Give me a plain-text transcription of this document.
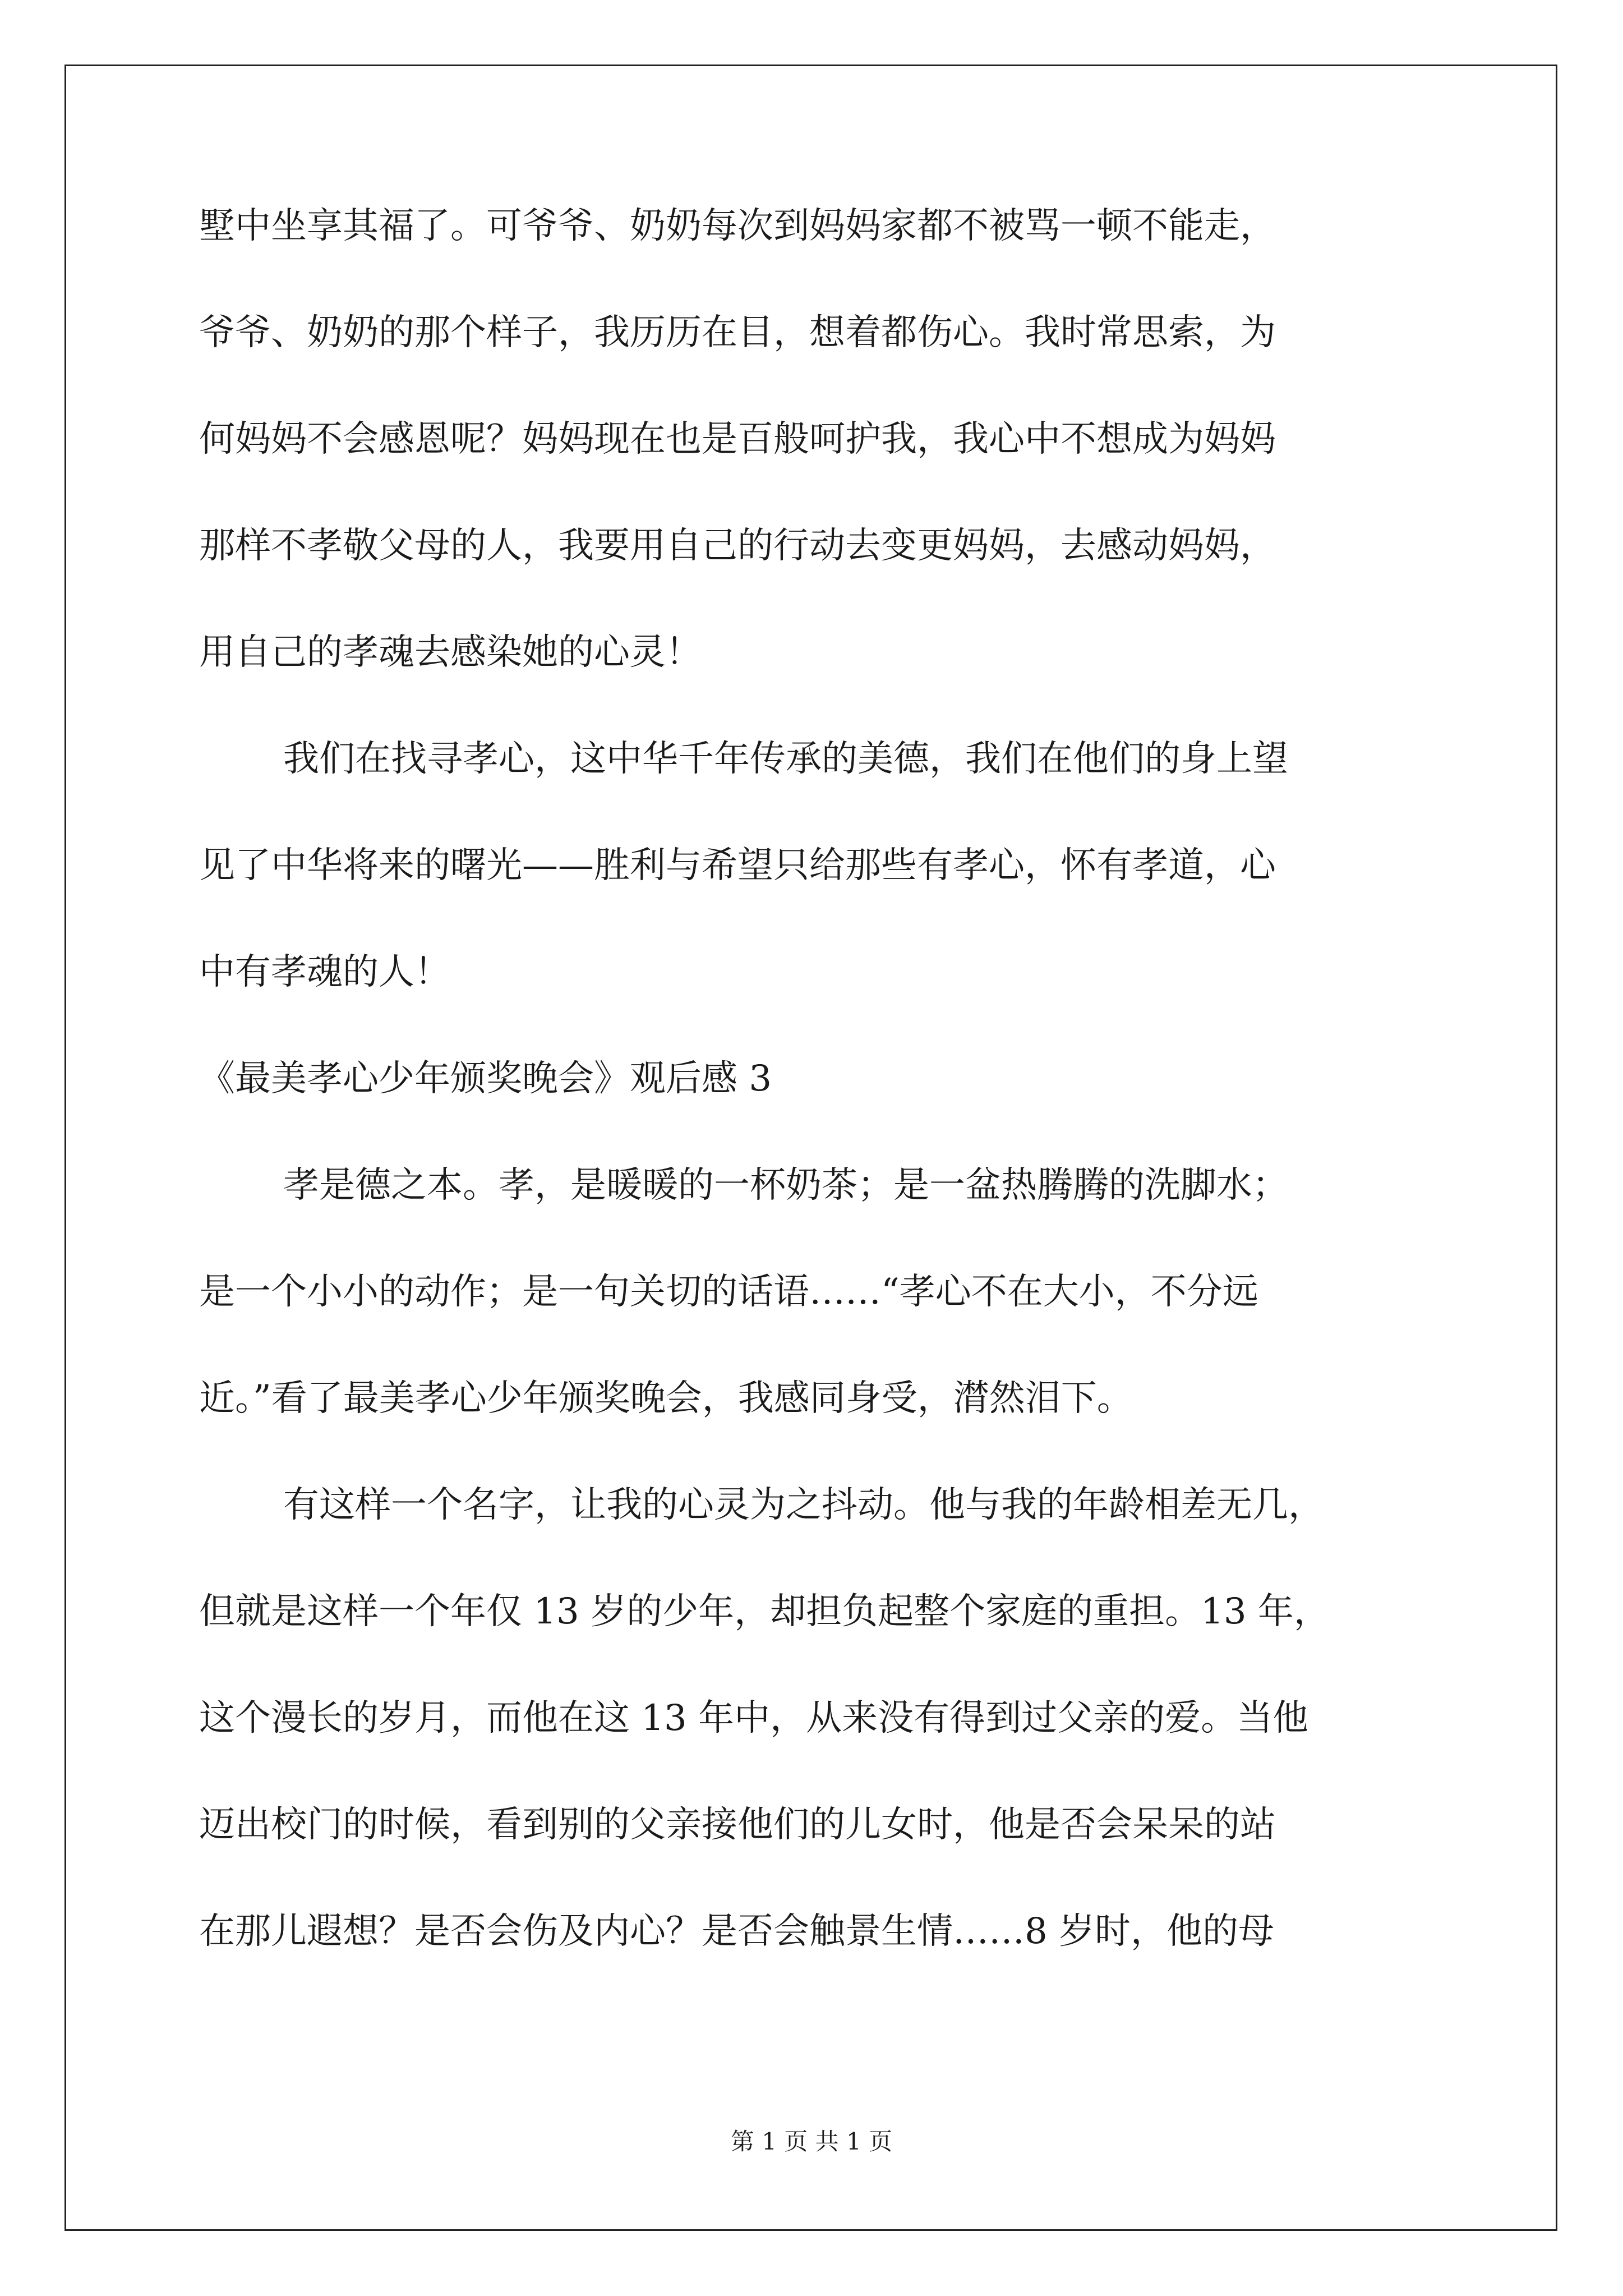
墅中坐享其福了。可爷爷、奶奶每次到妈妈家都不被骂一顿不能走，
爷爷、奶奶的那个样子，我历历在目，想着都伤心。我时常思索，为
何妈妈不会感恩呢？妈妈现在也是百般呵护我，我心中不想成为妈妈
那样不孝敬父母的人，我要用自己的行动去变更妈妈，去感动妈妈，
用自己的孝魂去感染她的心灵！
我们在找寻孝心，这中华千年传承的美德，我们在他们的身上望
见了中华将来的曙光——胜利与希望只给那些有孝心，怀有孝道，心
中有孝魂的人！
《最美孝心少年颁奖晚会》观后感 3
孝是德之本。孝，是暖暖的一杯奶茶；是一盆热腾腾的洗脚水；
是一个小小的动作；是一句关切的话语……“孝心不在大小，不分远
近。”看了最美孝心少年颁奖晚会，我感同身受，潸然泪下。
有这样一个名字，让我的心灵为之抖动。他与我的年龄相差无几，
但就是这样一个年仅 13 岁的少年，却担负起整个家庭的重担。13 年，
这个漫长的岁月，而他在这 13 年中，从来没有得到过父亲的爱。当他
迈出校门的时候，看到别的父亲接他们的儿女时，他是否会呆呆的站
在那儿遐想？是否会伤及内心？是否会触景生情……8 岁时，他的母
第 1 页 共 1 页
